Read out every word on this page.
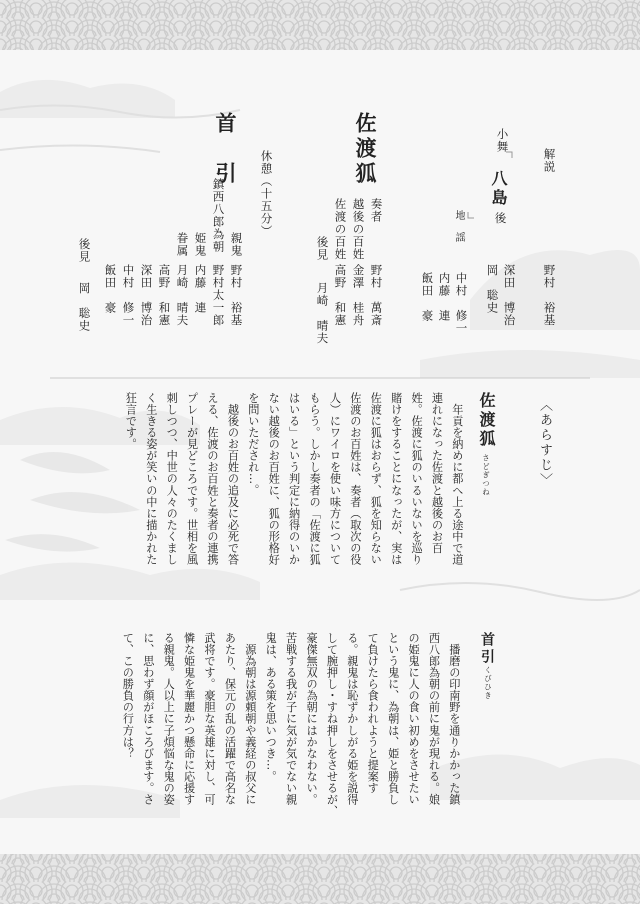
解説
野村　裕基
小舞
八島
後
深田　博治
岡　聡史
中村　修一
内藤　連
飯田　豪
地　謡
佐渡狐
奏者
野村　萬斎
越後の百姓
金澤　桂舟
佐渡の百姓
高野　和憲
後見
月崎　晴夫
休憩（十五分）
首　引
親鬼
野村　裕基
鎮西八郎為朝
野村太一郎
姫鬼
内藤　連
眷属
月崎　晴夫
高野　和憲
深田　博治
中村　修一
飯田　豪
後見
岡　聡史
〈あらすじ〉
佐渡狐
さどぎつね
　年貢を納めに都へ上る途中で道
連れになった佐渡と越後のお百
姓。佐渡に狐のいるいないを巡り
賭けをすることになったが、実は
佐渡に狐はおらず、狐を知らない
佐渡のお百姓は、奏者（取次の役
人）にワイロを使い味方について
もらう。しかし奏者の「佐渡に狐
はいる」という判定に納得のいか
ない越後のお百姓に、狐の形格好
を問いただされ…。
　越後のお百姓の追及に必死で答
える、佐渡のお百姓と奏者の連携
プレーが見どころです。世相を風
刺しつつ、中世の人々のたくまし
く生きる姿が笑いの中に描かれた
狂言です。
首引
くびひき
　播磨の印南野を通りかかった鎮
西八郎為朝の前に鬼が現れる。娘
の姫鬼に人の食い初めをさせたい
という鬼に、為朝は、姫と勝負し
て負けたら食われようと提案す
る。親鬼は恥ずかしがる姫を説得
して腕押し・すね押しをさせるが、
豪傑無双の為朝にはかなわない。
苦戦する我が子に気が気でない親
鬼は、ある策を思いつき…。
　源為朝は源頼朝や義経の叔父に
あたり、保元の乱の活躍で高名な
武将です。豪胆な英雄に対し、可
憐な姫鬼を華麗かつ懸命に応援す
る親鬼。人以上に子煩悩な鬼の姿
に、思わず顔がほころびます。さ
て、この勝負の行方は？
